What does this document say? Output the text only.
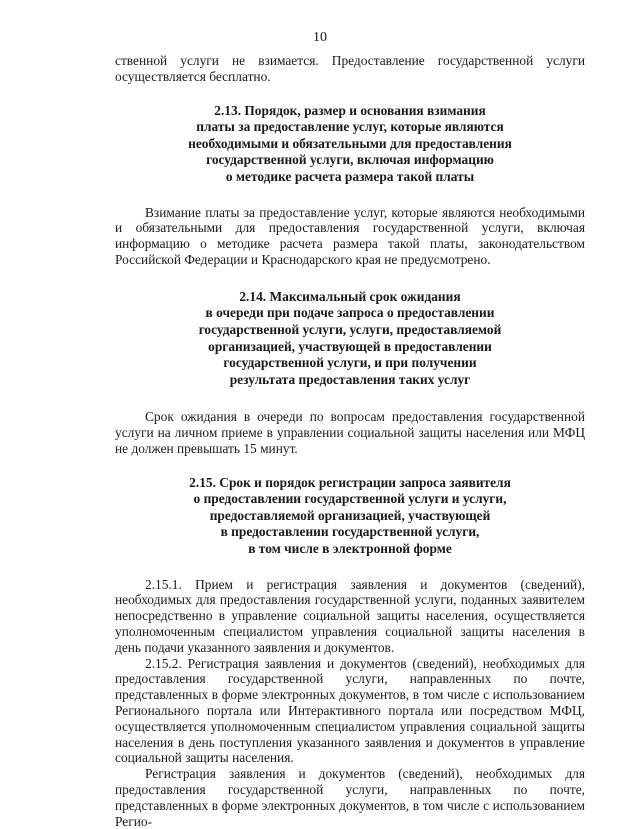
10

ственной услуги не взимается. Предоставление государственной услуги осуществляется бесплатно.

2.13. Порядок, размер и основания взимания
платы за предоставление услуг, которые являются
необходимыми и обязательными для предоставления
государственной услуги, включая информацию
о методике расчета размера такой платы

Взимание платы за предоставление услуг, которые являются необходимыми и обязательными для предоставления государственной услуги, включая информацию о методике расчета размера такой платы, законодательством Российской Федерации и Краснодарского края не предусмотрено.

2.14. Максимальный срок ожидания
в очереди при подаче запроса о предоставлении
государственной услуги, услуги, предоставляемой
организацией, участвующей в предоставлении
государственной услуги, и при получении
результата предоставления таких услуг

Срок ожидания в очереди по вопросам предоставления государственной услуги на личном приеме в управлении социальной защиты населения или МФЦ не должен превышать 15 минут.

2.15. Срок и порядок регистрации запроса заявителя
о предоставлении государственной услуги и услуги,
предоставляемой организацией, участвующей
в предоставлении государственной услуги,
в том числе в электронной форме

2.15.1. Прием и регистрация заявления и документов (сведений), необходимых для предоставления государственной услуги, поданных заявителем непосредственно в управление социальной защиты населения, осуществляется уполномоченным специалистом управления социальной защиты населения в день подачи указанного заявления и документов.

2.15.2. Регистрация заявления и документов (сведений), необходимых для предоставления государственной услуги, направленных по почте, представленных в форме электронных документов, в том числе с использованием Регионального портала или Интерактивного портала или посредством МФЦ, осуществляется уполномоченным специалистом управления социальной защиты населения в день поступления указанного заявления и документов в управление социальной защиты населения.

Регистрация заявления и документов (сведений), необходимых для предоставления государственной услуги, направленных по почте, представленных в форме электронных документов, в том числе с использованием Регио-
